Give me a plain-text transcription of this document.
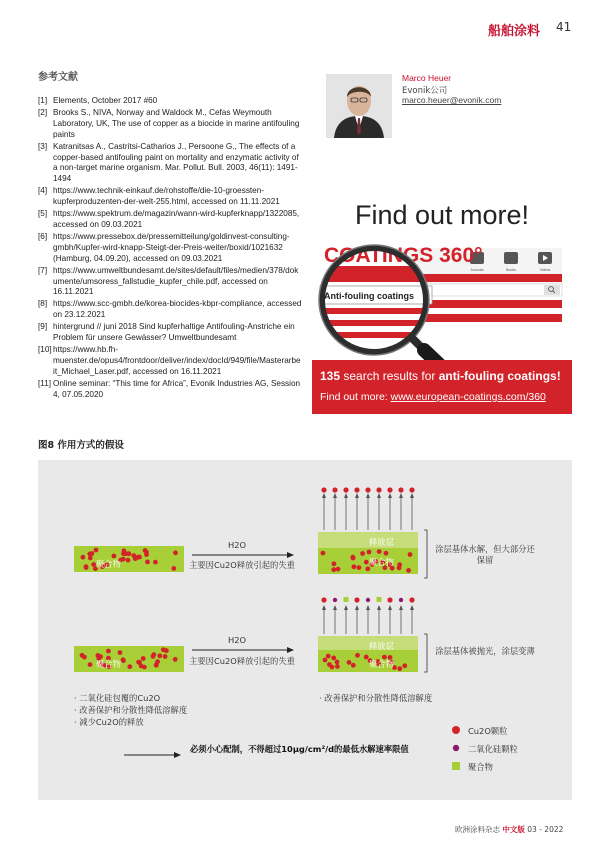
船舶涂料 41
参考文献
[1] Elements, October 2017 #60
[2] Brooks S., NIVA, Norway and Waldock M., Cefas Weymouth Laboratory, UK, The use of copper as a biocide in marine antifouling paints
[3] Katranitsas A., Castritsi-Catharios J., Persoone G., The effects of a copper-based antifouling paint on mortality and enzymatic activity of a non-target marine organism. Mar. Pollut. Bull. 2003, 46(11): 1491-1494
[4] https://www.technik-einkauf.de/rohstoffe/die-10-groessten-kupferproduzenten-der-welt-255.html, accessed on 11.11.2021
[5] https://www.spektrum.de/magazin/wann-wird-kupferknapp/1322085, accessed on 09.03.2021
[6] https://www.pressebox.de/pressemitteilung/goldinvest-consulting-gmbh/Kupfer-wird-knapp-Steigt-der-Preis-weiter/boxid/1021632 (Hamburg, 04.09.20), accessed on 09.03.2021
[7] https://www.umweltbundesamt.de/sites/default/files/medien/378/dokumente/umsoress_fallstudie_kupfer_chile.pdf, accessed on 16.11.2021
[8] https://www.scc-gmbh.de/korea-biocides-kbpr-compliance, accessed on 23.12.2021
[9] hintergrund // juni 2018 Sind kupferhaltige Antifouling-Anstriche ein Problem für unsere Gewässer? Umweltbundesamt
[10] https://www.hb.fh-muenster.de/opus4/frontdoor/deliver/index/docId/949/file/Masterarbeit_Michael_Laser.pdf, accessed on 16.11.2021
[11] Online seminar: “This time for Africa”, Evonik Industries AG, Session 4, 07.05.2020
Marco Heuer
Evonik公司
marco.heuer@evonik.com
Find out more!
Journals	Books	Videos
COATINGS 360°
Anti-fouling coatings
135 search results for anti-fouling coatings!
Find out more: www.european-coatings.com/360
图8 作用方式的假设
聚合物
聚合物
释放层
聚合物
释放层
聚合物
H2O
主要因Cu2O释放引起的失重
H2O
主要因Cu2O释放引起的失重
涂层基体水解，但大部分还保留
涂层基体被抛光，涂层变薄
· 二氧化硅包覆的Cu2O
· 改善保护和分散性降低溶解度
· 减少Cu2O的释放
· 改善保护和分散性降低溶解度
必须小心配制，不得超过10μg/cm²/d的最低水解速率限值
Cu2O颗粒
二氧化硅颗粒
聚合物
欧洲涂料杂志 中文版 03 - 2022
